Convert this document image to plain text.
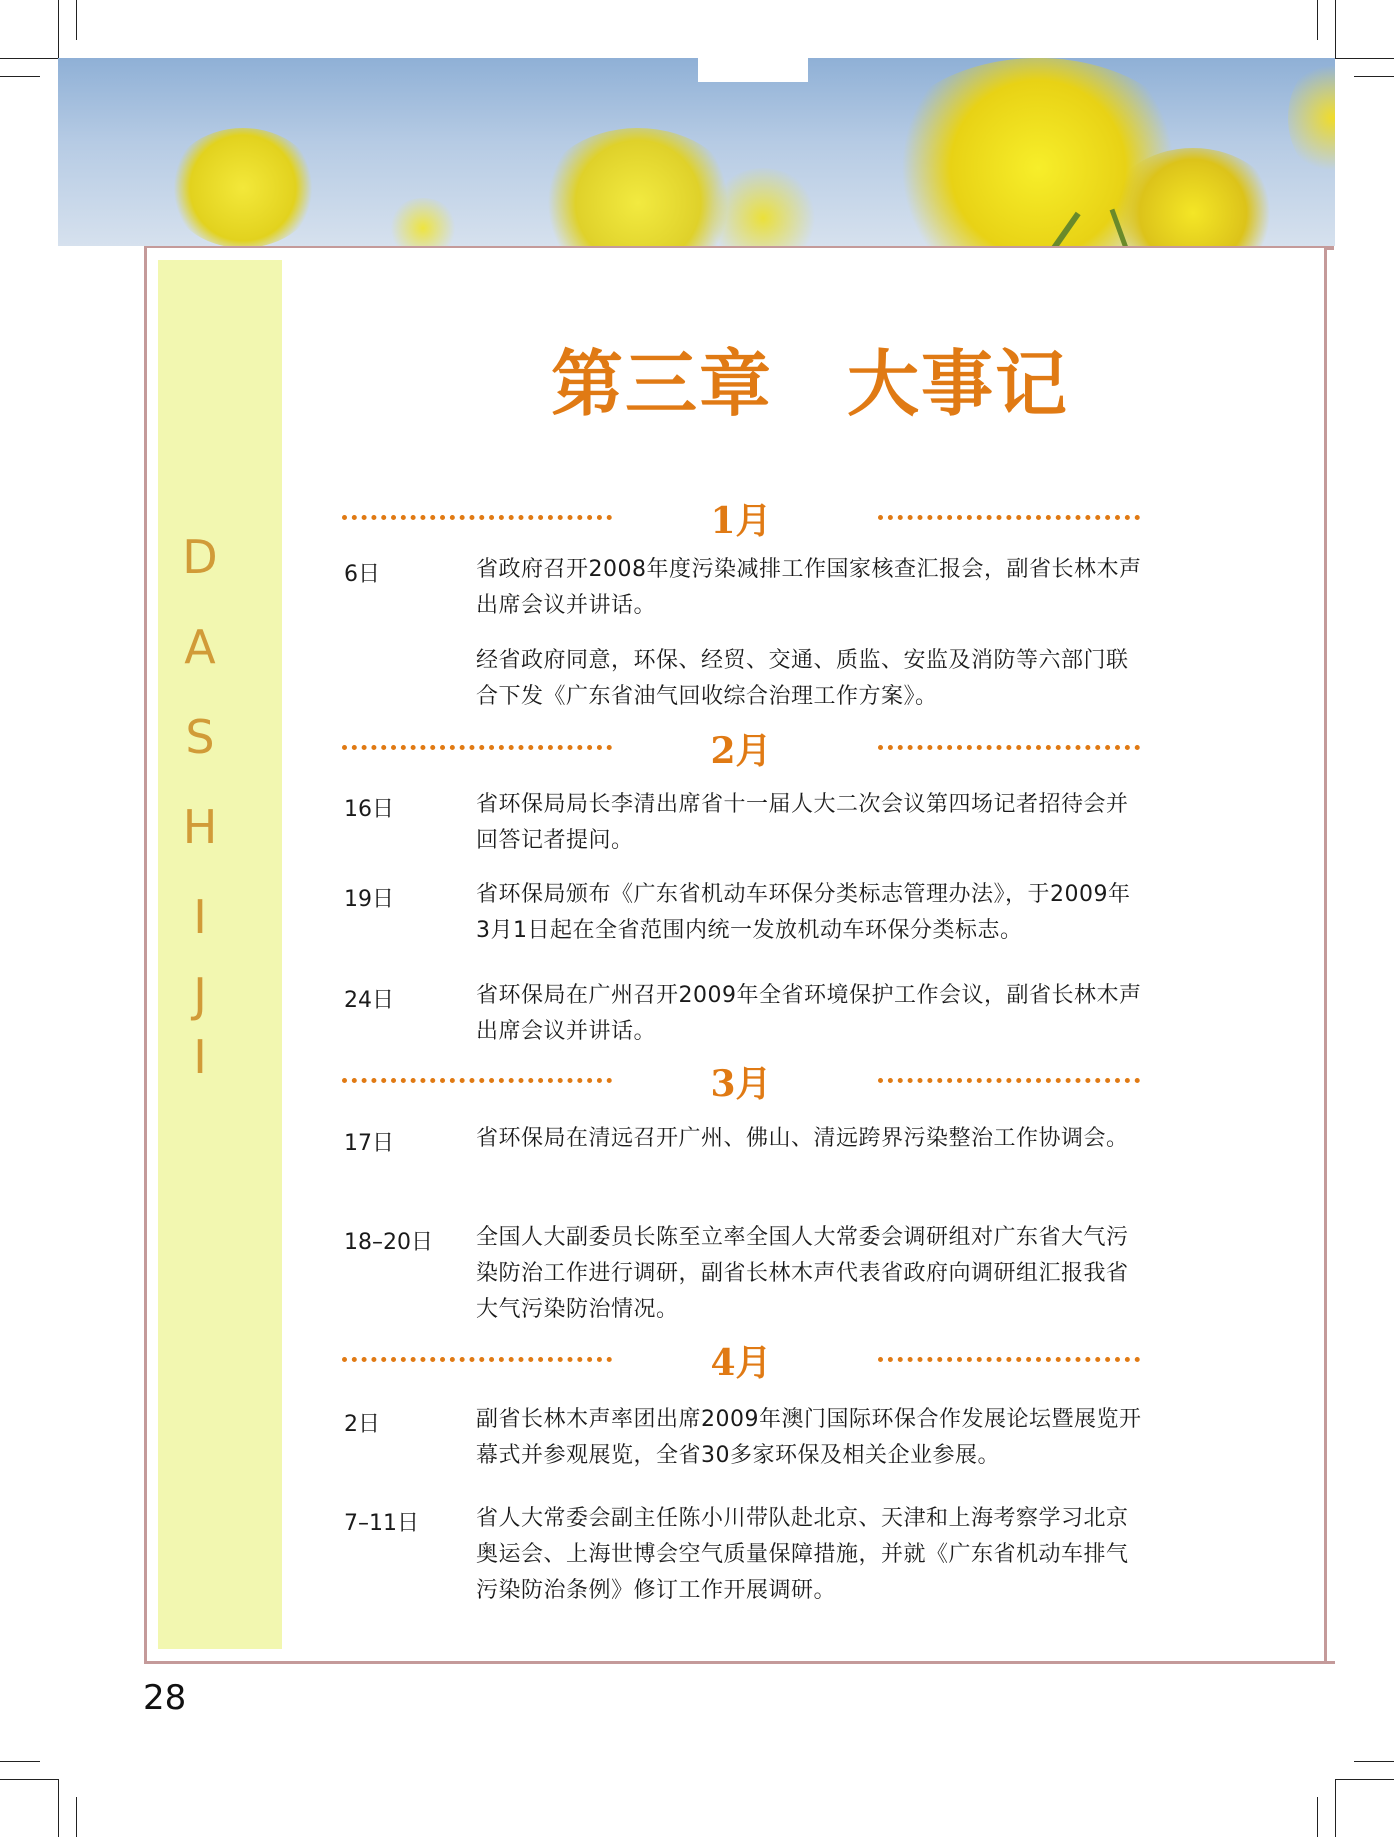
D
A
S
H
I
J
I
第三章　大事记
1月
6日	省政府召开2008年度污染减排工作国家核查汇报会，副省长林木声出席会议并讲话。
经省政府同意，环保、经贸、交通、质监、安监及消防等六部门联合下发《广东省油气回收综合治理工作方案》。
2月
16日	省环保局局长李清出席省十一届人大二次会议第四场记者招待会并回答记者提问。
19日	省环保局颁布《广东省机动车环保分类标志管理办法》，于2009年3月1日起在全省范围内统一发放机动车环保分类标志。
24日	省环保局在广州召开2009年全省环境保护工作会议，副省长林木声出席会议并讲话。
3月
17日	省环保局在清远召开广州、佛山、清远跨界污染整治工作协调会。
18–20日 全国人大副委员长陈至立率全国人大常委会调研组对广东省大气污染防治工作进行调研，副省长林木声代表省政府向调研组汇报我省大气污染防治情况。
4月
2日	副省长林木声率团出席2009年澳门国际环保合作发展论坛暨展览开幕式并参观展览，全省30多家环保及相关企业参展。
7–11日	省人大常委会副主任陈小川带队赴北京、天津和上海考察学习北京奥运会、上海世博会空气质量保障措施，并就《广东省机动车排气污染防治条例》修订工作开展调研。
28
